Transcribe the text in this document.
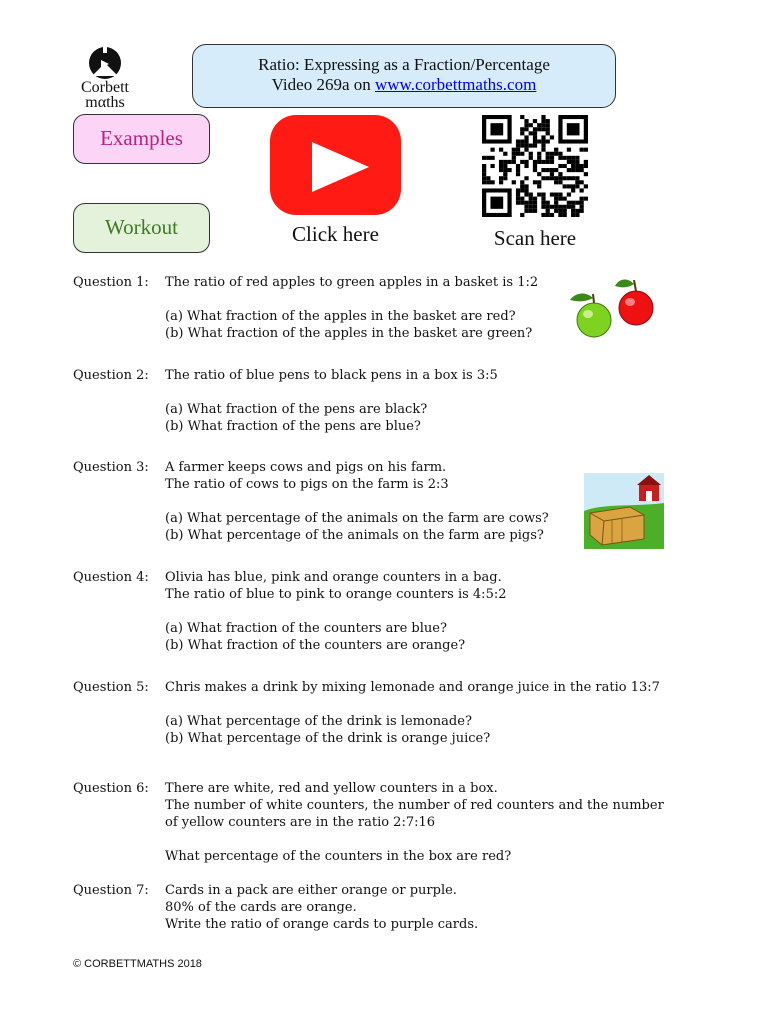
Corbett
mαths
Ratio: Expressing as a Fraction/Percentage
Video 269a on www.corbettmaths.com
Examples
Workout	Click here	Scan here
Question 1:	The ratio of red apples to green apples in a basket is 1:2
(a) What fraction of the apples in the basket are red?
(b) What fraction of the apples in the basket are green?
Question 2:	The ratio of blue pens to black pens in a box is 3:5
(a) What fraction of the pens are black?
(b) What fraction of the pens are blue?
Question 3:	A farmer keeps cows and pigs on his farm.
The ratio of cows to pigs on the farm is 2:3
(a) What percentage of the animals on the farm are cows?
(b) What percentage of the animals on the farm are pigs?
Question 4:	Olivia has blue, pink and orange counters in a bag.
The ratio of blue to pink to orange counters is 4:5:2
(a) What fraction of the counters are blue?
(b) What fraction of the counters are orange?
Question 5:	Chris makes a drink by mixing lemonade and orange juice in the ratio 13:7
(a) What percentage of the drink is lemonade?
(b) What percentage of the drink is orange juice?
Question 6:	There are white, red and yellow counters in a box.
The number of white counters, the number of red counters and the number
of yellow counters are in the ratio 2:7:16
What percentage of the counters in the box are red?
Question 7:	Cards in a pack are either orange or purple.
80% of the cards are orange.
Write the ratio of orange cards to purple cards.
© CORBETTMATHS 2018
